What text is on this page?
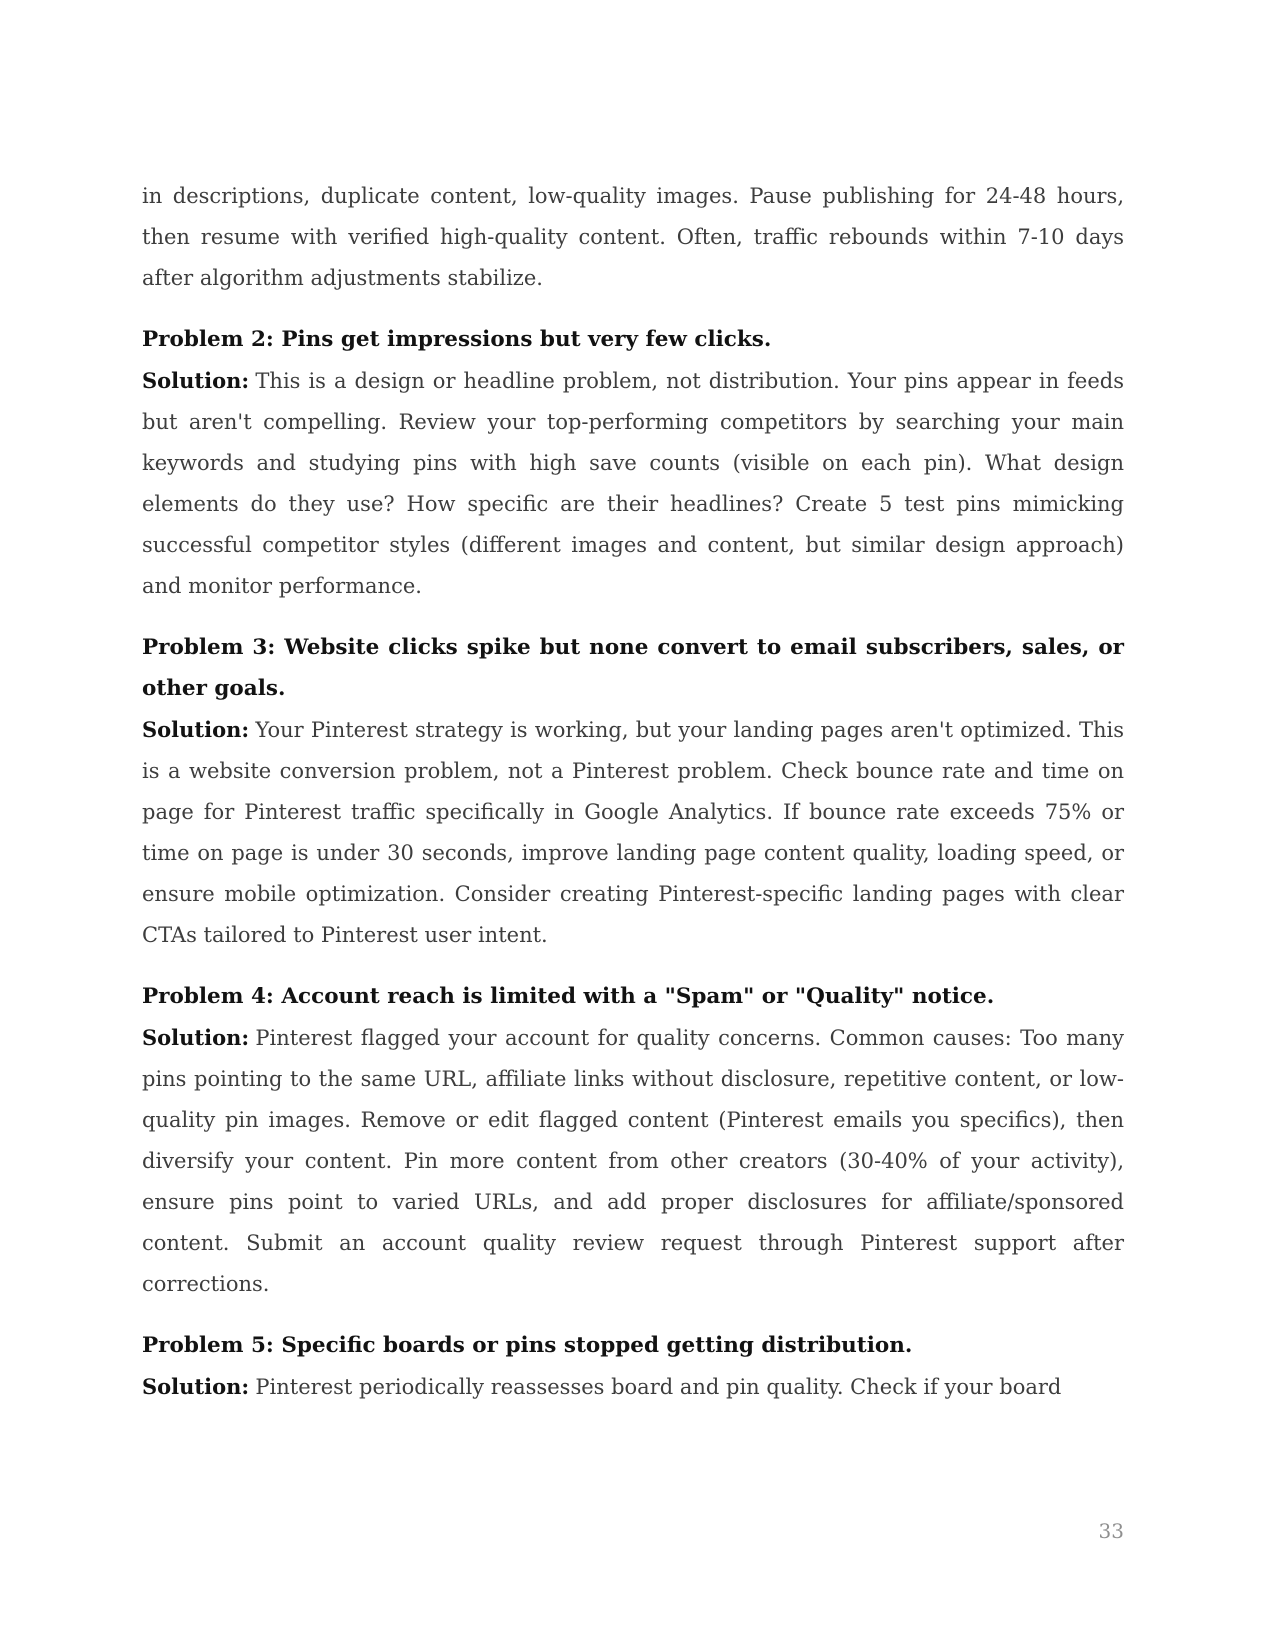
in descriptions, duplicate content, low-quality images. Pause publishing for 24-48 hours, then resume with verified high-quality content. Often, traffic rebounds within 7-10 days after algorithm adjustments stabilize.

Problem 2: Pins get impressions but very few clicks.

Solution: This is a design or headline problem, not distribution. Your pins appear in feeds but aren't compelling. Review your top-performing competitors by searching your main keywords and studying pins with high save counts (visible on each pin). What design elements do they use? How specific are their headlines? Create 5 test pins mimicking successful competitor styles (different images and content, but similar design approach) and monitor performance.

Problem 3: Website clicks spike but none convert to email subscribers, sales, or other goals.

Solution: Your Pinterest strategy is working, but your landing pages aren't optimized. This is a website conversion problem, not a Pinterest problem. Check bounce rate and time on page for Pinterest traffic specifically in Google Analytics. If bounce rate exceeds 75% or time on page is under 30 seconds, improve landing page content quality, loading speed, or ensure mobile optimization. Consider creating Pinterest-specific landing pages with clear CTAs tailored to Pinterest user intent.

Problem 4: Account reach is limited with a "Spam" or "Quality" notice.

Solution: Pinterest flagged your account for quality concerns. Common causes: Too many pins pointing to the same URL, affiliate links without disclosure, repetitive content, or low-quality pin images. Remove or edit flagged content (Pinterest emails you specifics), then diversify your content. Pin more content from other creators (30-40% of your activity), ensure pins point to varied URLs, and add proper disclosures for affiliate/sponsored content. Submit an account quality review request through Pinterest support after corrections.

Problem 5: Specific boards or pins stopped getting distribution.

Solution: Pinterest periodically reassesses board and pin quality. Check if your board

33
